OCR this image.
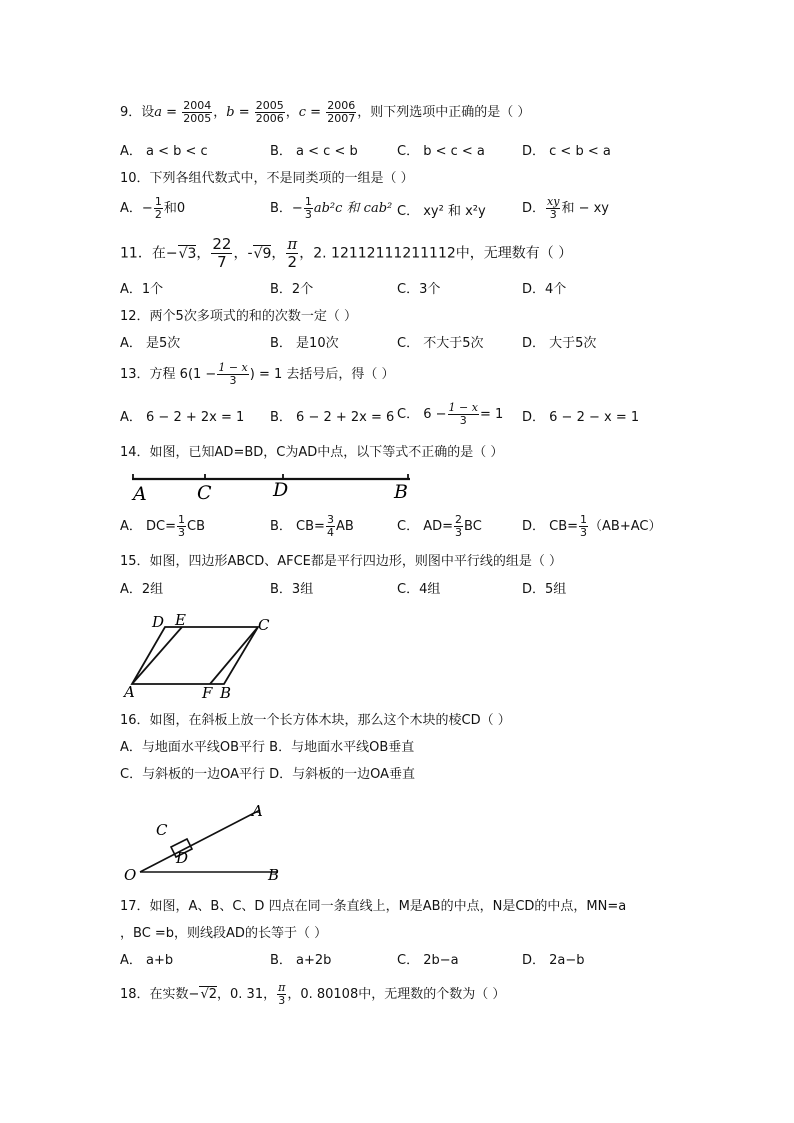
9．设$a = \frac{2004}{2005}$ ，$b = \frac{2005}{2006}$ ，$c = \frac{2006}{2007}$ ，则下列选项中正确的是（ ）
A． a < b < c	B． a < c < b	C． b < c < a	D． c < b < a
10．下列各组代数式中，不是同类项的一组是（ ）
A．− $\frac{1}{2}$ 和0	B．− $\frac{1}{3} ab^2c$ 和 cab² C． xy² 和 x²y	D． $\frac{xy}{3}$ 和 − xy
11．在−√3， $\frac{22}{7}$ ，-√9， $\frac{\pi}{2}$ ，2. 12112111211112中，无理数有（ ）
A．1个	B．2个	C．3个	D．4个
12．两个5次多项式的和的次数一定（ ）
A． 是5次	B． 是10次	C． 不大于5次	D． 大于5次
13．方程 $6(1 - \frac{1 - x}{3}$ ) = 1 去括号后，得（ ）
A． 6 − 2 + 2x = 1 B． 6 − 2 + 2x = 6 C． $6 - \frac{1 - x}{3} = 1$ D． 6 − 2 − x = 1
14．如图，已知AD=BD，C为AD中点，以下等式不正确的是（ ）
A	C	D	B
A． $DC= \frac{1}{3}$ CB	B． $CB= \frac{3}{4}$ AB	C． $AD= \frac{2}{3}$ BC	D． $CB= \frac{1}{3} (AB+AC)$
15．如图，四边形ABCD、AFCE都是平行四边形，则图中平行线的组是（ ）
A．2组	B．3组	C．4组	D．5组
D E	C
A	F B
16．如图，在斜板上放一个长方体木块，那么这个木块的棱CD（ ）
A．与地面水平线OB平行 B．与地面水平线OB垂直
C．与斜板的一边OA平行 D．与斜板的一边OA垂直
A
C
D
O	B
17．如图，A、B、C、D 四点在同一条直线上，M是AB的中点，N是CD的中点，MN=a
，BC =b，则线段AD的长等于（ ）
A． a+b	B． a+2b	C． 2b−a	D． 2a−b
18．在实数−√2，0. 31， $\frac{\pi}{3}$ ，0. 80108中，无理数的个数为（ ）
